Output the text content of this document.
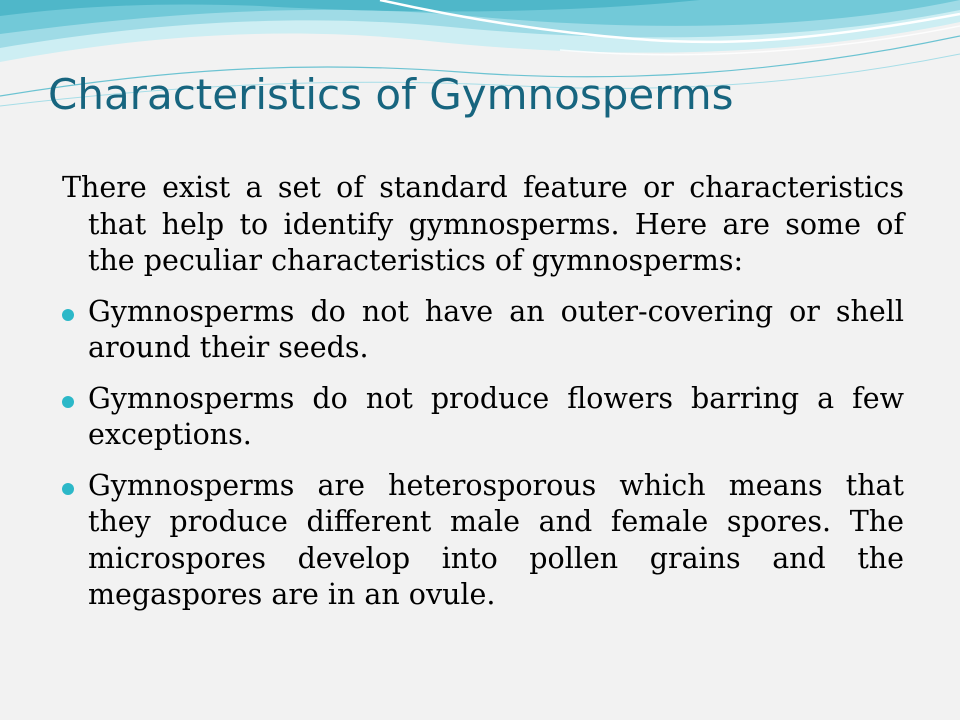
Characteristics of Gymnosperms

There exist a set of standard feature or characteristics that help to identify gymnosperms. Here are some of the peculiar characteristics of gymnosperms:

Gymnosperms do not have an outer-covering or shell around their seeds.
Gymnosperms do not produce flowers barring a few exceptions.
Gymnosperms are heterosporous which means that they produce different male and female spores. The microspores develop into pollen grains and the megaspores are in an ovule.
